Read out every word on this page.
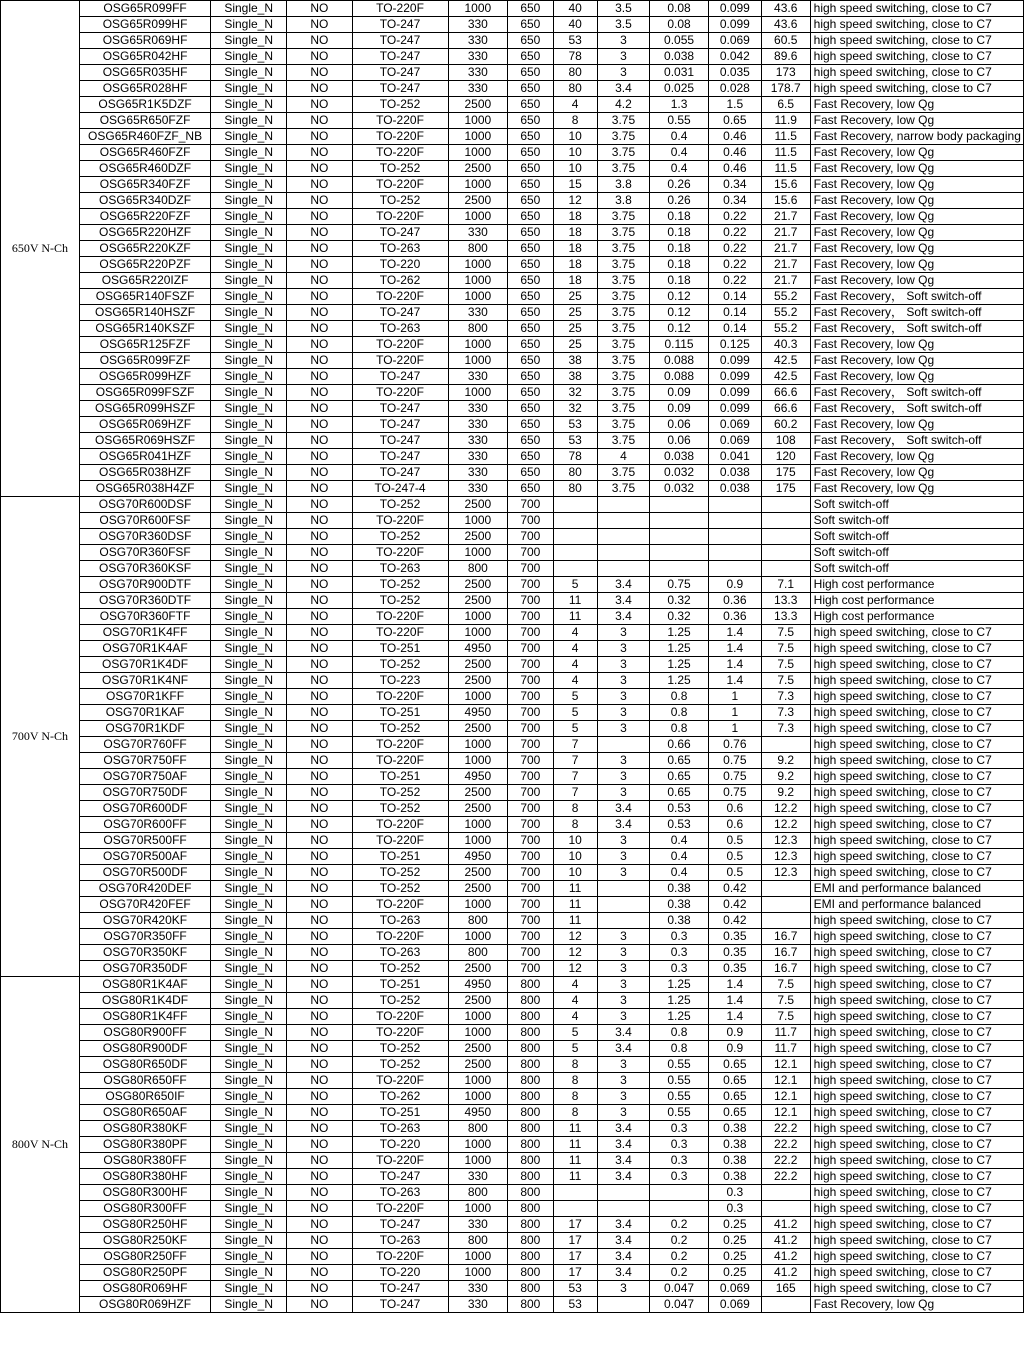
650V N-Ch	OSG65R099FF	Single_N	NO	TO-220F	1000	650	40	3.5	0.08	0.099	43.6	high speed switching, close to C7
	OSG65R099HF	Single_N	NO	TO-247	330	650	40	3.5	0.08	0.099	43.6	high speed switching, close to C7
	OSG65R069HF	Single_N	NO	TO-247	330	650	53	3	0.055	0.069	60.5	high speed switching, close to C7
	OSG65R042HF	Single_N	NO	TO-247	330	650	78	3	0.038	0.042	89.6	high speed switching, close to C7
	OSG65R035HF	Single_N	NO	TO-247	330	650	80	3	0.031	0.035	173	high speed switching, close to C7
	OSG65R028HF	Single_N	NO	TO-247	330	650	80	3.4	0.025	0.028	178.7	high speed switching, close to C7
	OSG65R1K5DZF	Single_N	NO	TO-252	2500	650	4	4.2	1.3	1.5	6.5	Fast Recovery, low Qg
	OSG65R650FZF	Single_N	NO	TO-220F	1000	650	8	3.75	0.55	0.65	11.9	Fast Recovery, low Qg
	OSG65R460FZF_NB	Single_N	NO	TO-220F	1000	650	10	3.75	0.4	0.46	11.5	Fast Recovery, narrow body packaging
	OSG65R460FZF	Single_N	NO	TO-220F	1000	650	10	3.75	0.4	0.46	11.5	Fast Recovery, low Qg
	OSG65R460DZF	Single_N	NO	TO-252	2500	650	10	3.75	0.4	0.46	11.5	Fast Recovery, low Qg
	OSG65R340FZF	Single_N	NO	TO-220F	1000	650	15	3.8	0.26	0.34	15.6	Fast Recovery, low Qg
	OSG65R340DZF	Single_N	NO	TO-252	2500	650	12	3.8	0.26	0.34	15.6	Fast Recovery, low Qg
	OSG65R220FZF	Single_N	NO	TO-220F	1000	650	18	3.75	0.18	0.22	21.7	Fast Recovery, low Qg
	OSG65R220HZF	Single_N	NO	TO-247	330	650	18	3.75	0.18	0.22	21.7	Fast Recovery, low Qg
	OSG65R220KZF	Single_N	NO	TO-263	800	650	18	3.75	0.18	0.22	21.7	Fast Recovery, low Qg
	OSG65R220PZF	Single_N	NO	TO-220	1000	650	18	3.75	0.18	0.22	21.7	Fast Recovery, low Qg
	OSG65R220IZF	Single_N	NO	TO-262	1000	650	18	3.75	0.18	0.22	21.7	Fast Recovery, low Qg
	OSG65R140FSZF	Single_N	NO	TO-220F	1000	650	25	3.75	0.12	0.14	55.2	Fast Recovery， Soft switch-off
	OSG65R140HSZF	Single_N	NO	TO-247	330	650	25	3.75	0.12	0.14	55.2	Fast Recovery， Soft switch-off
	OSG65R140KSZF	Single_N	NO	TO-263	800	650	25	3.75	0.12	0.14	55.2	Fast Recovery， Soft switch-off
	OSG65R125FZF	Single_N	NO	TO-220F	1000	650	25	3.75	0.115	0.125	40.3	Fast Recovery, low Qg
	OSG65R099FZF	Single_N	NO	TO-220F	1000	650	38	3.75	0.088	0.099	42.5	Fast Recovery, low Qg
	OSG65R099HZF	Single_N	NO	TO-247	330	650	38	3.75	0.088	0.099	42.5	Fast Recovery, low Qg
	OSG65R099FSZF	Single_N	NO	TO-220F	1000	650	32	3.75	0.09	0.099	66.6	Fast Recovery， Soft switch-off
	OSG65R099HSZF	Single_N	NO	TO-247	330	650	32	3.75	0.09	0.099	66.6	Fast Recovery， Soft switch-off
	OSG65R069HZF	Single_N	NO	TO-247	330	650	53	3.75	0.06	0.069	60.2	Fast Recovery, low Qg
	OSG65R069HSZF	Single_N	NO	TO-247	330	650	53	3.75	0.06	0.069	108	Fast Recovery， Soft switch-off
	OSG65R041HZF	Single_N	NO	TO-247	330	650	78	4	0.038	0.041	120	Fast Recovery, low Qg
	OSG65R038HZF	Single_N	NO	TO-247	330	650	80	3.75	0.032	0.038	175	Fast Recovery, low Qg
	OSG65R038H4ZF	Single_N	NO	TO-247-4	330	650	80	3.75	0.032	0.038	175	Fast Recovery, low Qg
700V N-Ch	OSG70R600DSF	Single_N	NO	TO-252	2500	700						Soft switch-off
	OSG70R600FSF	Single_N	NO	TO-220F	1000	700						Soft switch-off
	OSG70R360DSF	Single_N	NO	TO-252	2500	700						Soft switch-off
	OSG70R360FSF	Single_N	NO	TO-220F	1000	700						Soft switch-off
	OSG70R360KSF	Single_N	NO	TO-263	800	700						Soft switch-off
	OSG70R900DTF	Single_N	NO	TO-252	2500	700	5	3.4	0.75	0.9	7.1	High cost performance
	OSG70R360DTF	Single_N	NO	TO-252	2500	700	11	3.4	0.32	0.36	13.3	High cost performance
	OSG70R360FTF	Single_N	NO	TO-220F	1000	700	11	3.4	0.32	0.36	13.3	High cost performance
	OSG70R1K4FF	Single_N	NO	TO-220F	1000	700	4	3	1.25	1.4	7.5	high speed switching, close to C7
	OSG70R1K4AF	Single_N	NO	TO-251	4950	700	4	3	1.25	1.4	7.5	high speed switching, close to C7
	OSG70R1K4DF	Single_N	NO	TO-252	2500	700	4	3	1.25	1.4	7.5	high speed switching, close to C7
	OSG70R1K4NF	Single_N	NO	TO-223	2500	700	4	3	1.25	1.4	7.5	high speed switching, close to C7
	OSG70R1KFF	Single_N	NO	TO-220F	1000	700	5	3	0.8	1	7.3	high speed switching, close to C7
	OSG70R1KAF	Single_N	NO	TO-251	4950	700	5	3	0.8	1	7.3	high speed switching, close to C7
	OSG70R1KDF	Single_N	NO	TO-252	2500	700	5	3	0.8	1	7.3	high speed switching, close to C7
	OSG70R760FF	Single_N	NO	TO-220F	1000	700	7		0.66	0.76		high speed switching, close to C7
	OSG70R750FF	Single_N	NO	TO-220F	1000	700	7	3	0.65	0.75	9.2	high speed switching, close to C7
	OSG70R750AF	Single_N	NO	TO-251	4950	700	7	3	0.65	0.75	9.2	high speed switching, close to C7
	OSG70R750DF	Single_N	NO	TO-252	2500	700	7	3	0.65	0.75	9.2	high speed switching, close to C7
	OSG70R600DF	Single_N	NO	TO-252	2500	700	8	3.4	0.53	0.6	12.2	high speed switching, close to C7
	OSG70R600FF	Single_N	NO	TO-220F	1000	700	8	3.4	0.53	0.6	12.2	high speed switching, close to C7
	OSG70R500FF	Single_N	NO	TO-220F	1000	700	10	3	0.4	0.5	12.3	high speed switching, close to C7
	OSG70R500AF	Single_N	NO	TO-251	4950	700	10	3	0.4	0.5	12.3	high speed switching, close to C7
	OSG70R500DF	Single_N	NO	TO-252	2500	700	10	3	0.4	0.5	12.3	high speed switching, close to C7
	OSG70R420DEF	Single_N	NO	TO-252	2500	700	11		0.38	0.42		EMI and performance balanced
	OSG70R420FEF	Single_N	NO	TO-220F	1000	700	11		0.38	0.42		EMI and performance balanced
	OSG70R420KF	Single_N	NO	TO-263	800	700	11		0.38	0.42		high speed switching, close to C7
	OSG70R350FF	Single_N	NO	TO-220F	1000	700	12	3	0.3	0.35	16.7	high speed switching, close to C7
	OSG70R350KF	Single_N	NO	TO-263	800	700	12	3	0.3	0.35	16.7	high speed switching, close to C7
	OSG70R350DF	Single_N	NO	TO-252	2500	700	12	3	0.3	0.35	16.7	high speed switching, close to C7
800V N-Ch	OSG80R1K4AF	Single_N	NO	TO-251	4950	800	4	3	1.25	1.4	7.5	high speed switching, close to C7
	OSG80R1K4DF	Single_N	NO	TO-252	2500	800	4	3	1.25	1.4	7.5	high speed switching, close to C7
	OSG80R1K4FF	Single_N	NO	TO-220F	1000	800	4	3	1.25	1.4	7.5	high speed switching, close to C7
	OSG80R900FF	Single_N	NO	TO-220F	1000	800	5	3.4	0.8	0.9	11.7	high speed switching, close to C7
	OSG80R900DF	Single_N	NO	TO-252	2500	800	5	3.4	0.8	0.9	11.7	high speed switching, close to C7
	OSG80R650DF	Single_N	NO	TO-252	2500	800	8	3	0.55	0.65	12.1	high speed switching, close to C7
	OSG80R650FF	Single_N	NO	TO-220F	1000	800	8	3	0.55	0.65	12.1	high speed switching, close to C7
	OSG80R650IF	Single_N	NO	TO-262	1000	800	8	3	0.55	0.65	12.1	high speed switching, close to C7
	OSG80R650AF	Single_N	NO	TO-251	4950	800	8	3	0.55	0.65	12.1	high speed switching, close to C7
	OSG80R380KF	Single_N	NO	TO-263	800	800	11	3.4	0.3	0.38	22.2	high speed switching, close to C7
	OSG80R380PF	Single_N	NO	TO-220	1000	800	11	3.4	0.3	0.38	22.2	high speed switching, close to C7
	OSG80R380FF	Single_N	NO	TO-220F	1000	800	11	3.4	0.3	0.38	22.2	high speed switching, close to C7
	OSG80R380HF	Single_N	NO	TO-247	330	800	11	3.4	0.3	0.38	22.2	high speed switching, close to C7
	OSG80R300HF	Single_N	NO	TO-263	800	800				0.3		high speed switching, close to C7
	OSG80R300FF	Single_N	NO	TO-220F	1000	800				0.3		high speed switching, close to C7
	OSG80R250HF	Single_N	NO	TO-247	330	800	17	3.4	0.2	0.25	41.2	high speed switching, close to C7
	OSG80R250KF	Single_N	NO	TO-263	800	800	17	3.4	0.2	0.25	41.2	high speed switching, close to C7
	OSG80R250FF	Single_N	NO	TO-220F	1000	800	17	3.4	0.2	0.25	41.2	high speed switching, close to C7
	OSG80R250PF	Single_N	NO	TO-220	1000	800	17	3.4	0.2	0.25	41.2	high speed switching, close to C7
	OSG80R069HF	Single_N	NO	TO-247	330	800	53	3	0.047	0.069	165	high speed switching, close to C7
	OSG80R069HZF	Single_N	NO	TO-247	330	800	53		0.047	0.069		Fast Recovery, low Qg
